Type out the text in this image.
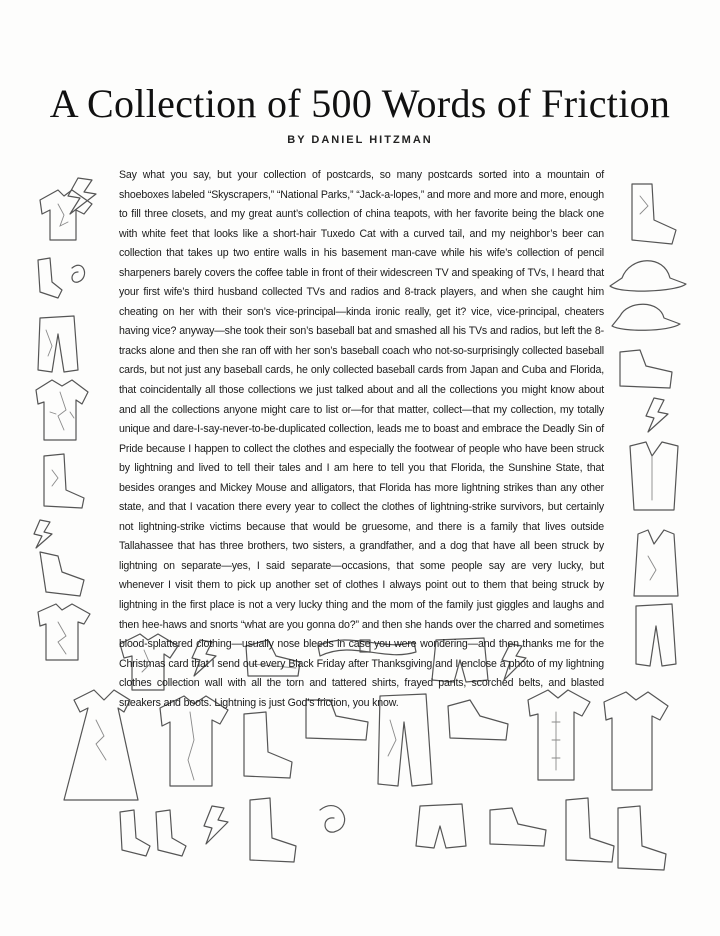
A Collection of 500 Words of Friction
BY DANIEL HITZMAN
Say what you say, but your collection of postcards, so many postcards sorted into a mountain of shoeboxes labeled “Skyscrapers,” “National Parks,” “Jack-a-lopes,” and more and more and more, enough to fill three closets, and my great aunt’s collection of china teapots, with her favorite being the black one with white feet that looks like a short-hair Tuxedo Cat with a curved tail, and my neighbor’s beer can collection that takes up two entire walls in his basement man-cave while his wife’s collection of pencil sharpeners barely covers the coffee table in front of their widescreen TV and speaking of TVs, I heard that your first wife’s third husband collected TVs and radios and 8-track players, and when she caught him cheating on her with their son’s vice-principal—kinda ironic really, get it? vice, vice-principal, cheaters having vice? anyway—she took their son’s baseball bat and smashed all his TVs and radios, but left the 8-tracks alone and then she ran off with her son’s baseball coach who not-so-surprisingly collected baseball cards, but not just any baseball cards, he only collected baseball cards from Japan and Cuba and Florida, that coincidentally all those collections we just talked about and all the collections you might know about and all the collections anyone might care to list or—for that matter, collect—that my collection, my totally unique and dare-I-say-never-to-be-duplicated collection, leads me to boast and embrace the Deadly Sin of Pride because I happen to collect the clothes and especially the footwear of people who have been struck by lightning and lived to tell their tales and I am here to tell you that Florida, the Sunshine State, that besides oranges and Mickey Mouse and alligators, that Florida has more lightning strikes than any other state, and that I vacation there every year to collect the clothes of lightning-strike survivors, but certainly not lightning-strike victims because that would be gruesome, and there is a family that lives outside Tallahassee that has three brothers, two sisters, a grandfather, and a dog that have all been struck by lightning on separate—yes, I said separate—occasions, that some people say are very lucky, but whenever I visit them to pick up another set of clothes I always point out to them that being struck by lightning in the first place is not a very lucky thing and the mom of the family just giggles and laughs and then hee-haws and snorts “what are you gonna do?” and then she hands over the charred and sometimes blood-splattered clothing—usually nose bleeds in case you were wondering—and then thanks me for the Christmas card that I send out every Black Friday after Thanksgiving and I enclose a photo of my lightning clothes collection wall with all the torn and tattered shirts, frayed pants, scorched belts, and blasted sneakers and boots. Lightning is just God’s friction, you know.
